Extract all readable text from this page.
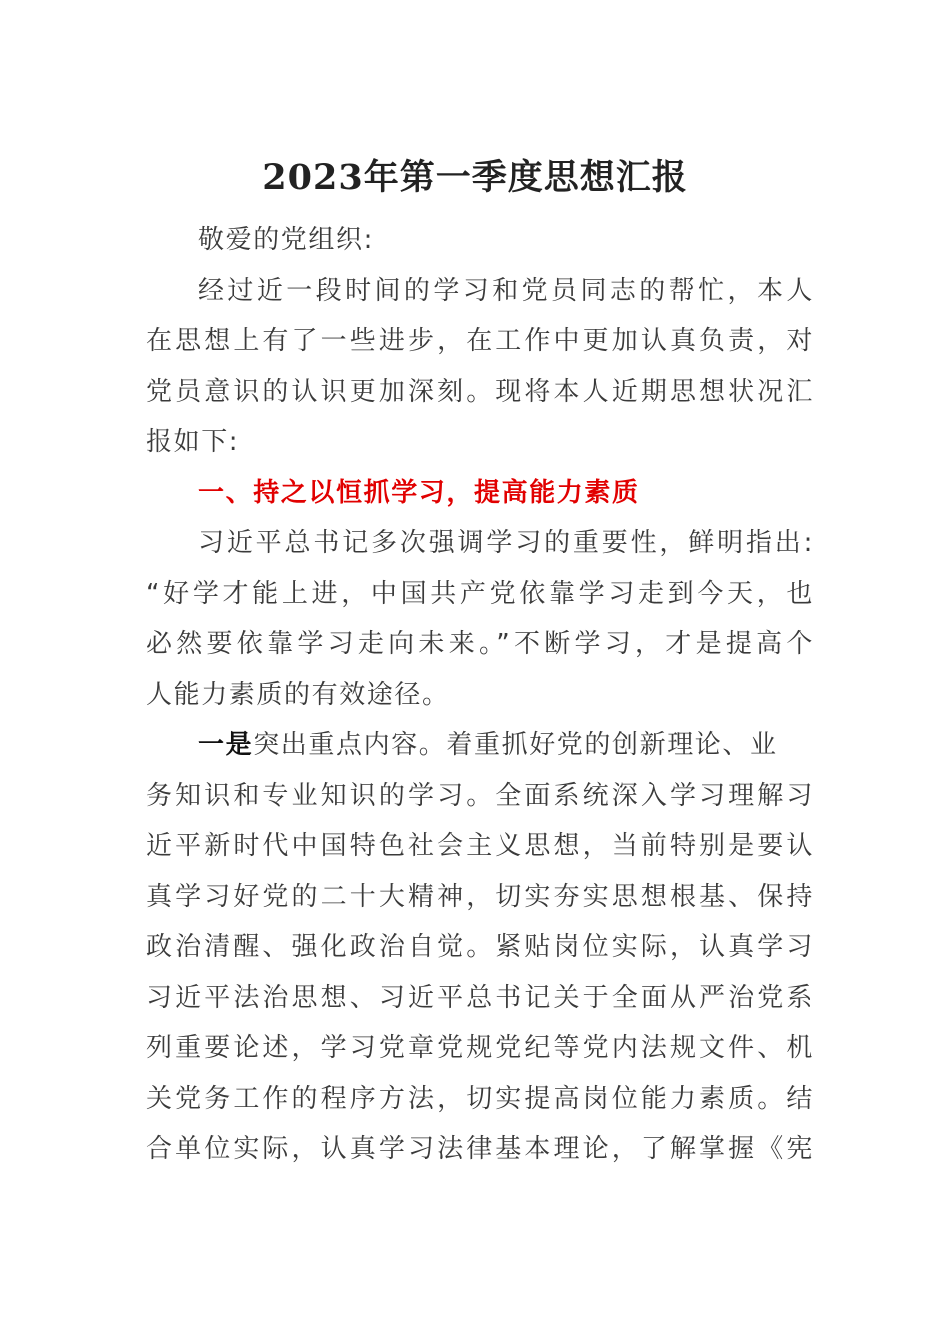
2023年第一季度思想汇报
敬爱的党组织:
经过近一段时间的学习和党员同志的帮忙，本人
在思想上有了一些进步，在工作中更加认真负责，对
党员意识的认识更加深刻。现将本人近期思想状况汇
报如下:
一、持之以恒抓学习，提高能力素质
习近平总书记多次强调学习的重要性，鲜明指出:
“好学才能上进，中国共产党依靠学习走到今天，也
必然要依靠学习走向未来。”不断学习，才是提高个
人能力素质的有效途径。
一是突出重点内容。着重抓好党的创新理论、业
务知识和专业知识的学习。全面系统深入学习理解习
近平新时代中国特色社会主义思想，当前特别是要认
真学习好党的二十大精神，切实夯实思想根基、保持
政治清醒、强化政治自觉。紧贴岗位实际，认真学习
习近平法治思想、习近平总书记关于全面从严治党系
列重要论述，学习党章党规党纪等党内法规文件、机
关党务工作的程序方法，切实提高岗位能力素质。结
合单位实际，认真学习法律基本理论，了解掌握《宪
